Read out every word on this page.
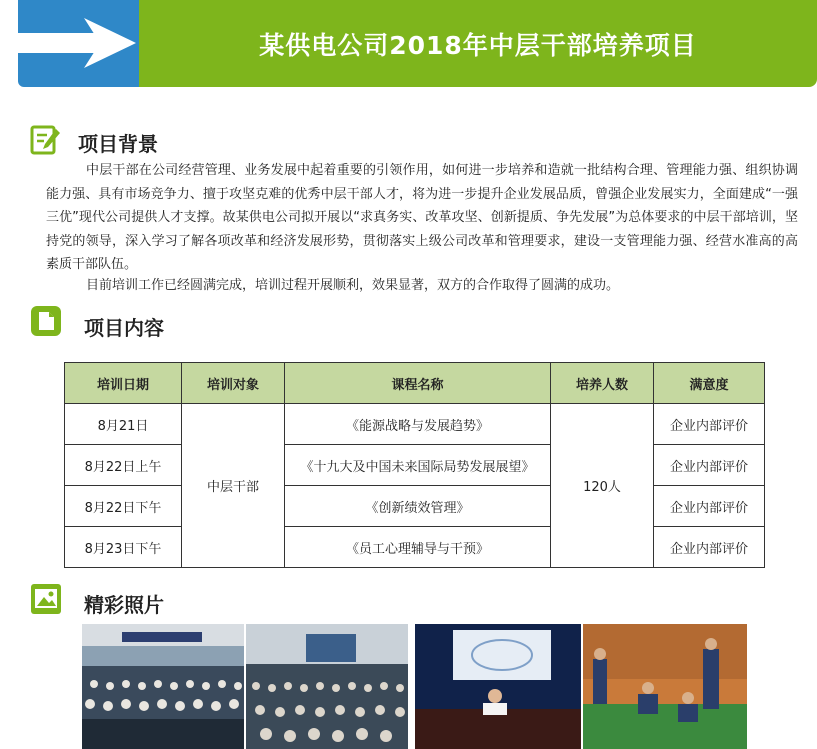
某供电公司2018年中层干部培养项目
项目背景
中层干部在公司经营管理、业务发展中起着重要的引领作用，如何进一步培养和造就一批结构合理、管理能力强、组织协调能力强、具有市场竞争力、擅于攻坚克难的优秀中层干部人才，将为进一步提升企业发展品质，曾强企业发展实力，全面建成“一强三优”现代公司提供人才支撑。故某供电公司拟开展以“求真务实、改革攻坚、创新提质、争先发展”为总体要求的中层干部培训，坚持党的领导，深入学习了解各项改革和经济发展形势，贯彻落实上级公司改革和管理要求，建设一支管理能力强、经营水准高的高素质干部队伍。
目前培训工作已经圆满完成，培训过程开展顺利，效果显著，双方的合作取得了圆满的成功。
项目内容
培训日期	培训对象	课程名称	培养人数	满意度
8月21日	中层干部	《能源战略与发展趋势》	120人	企业内部评价
8月22日上午		《十九大及中国未来国际局势发展展望》		企业内部评价
8月22日下午		《创新绩效管理》		企业内部评价
8月23日下午		《员工心理辅导与干预》		企业内部评价
精彩照片
